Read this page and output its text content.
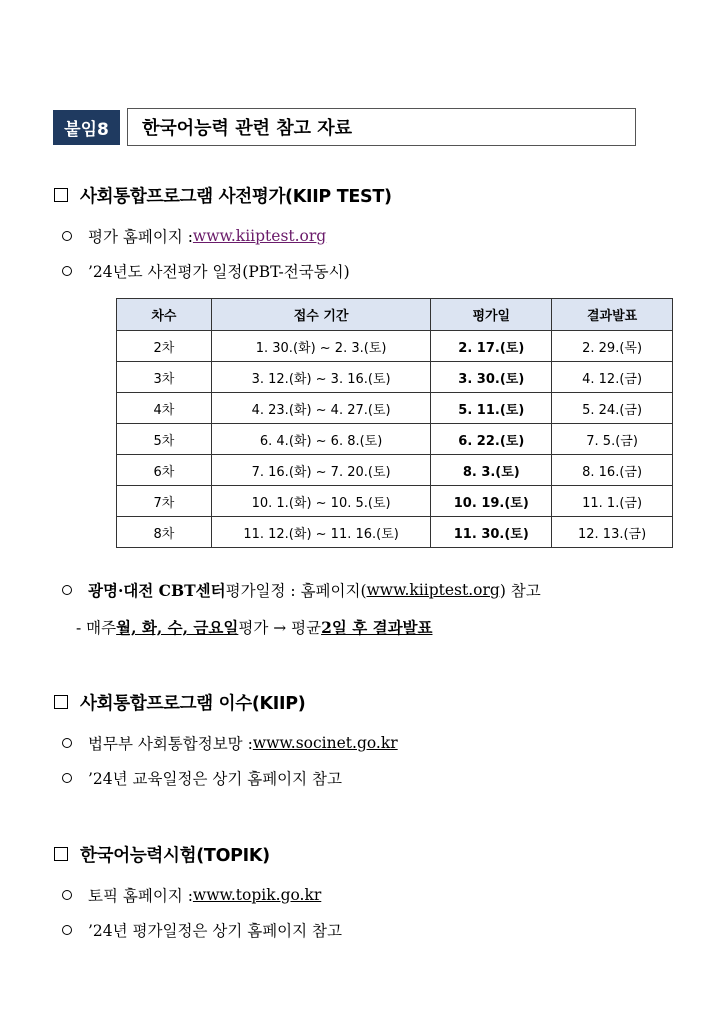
붙임8	한국어능력 관련 참고 자료
사회통합프로그램 사전평가(KIIP TEST)
평가 홈페이지 : www.kiiptest.org
’24년도 사전평가 일정(PBT-전국동시)
차수	접수 기간	평가일	결과발표
2차	1. 30.(화) ~ 2. 3.(토)	2. 17.(토)	2. 29.(목)
3차	3. 12.(화) ~ 3. 16.(토)	3. 30.(토)	4. 12.(금)
4차	4. 23.(화) ~ 4. 27.(토)	5. 11.(토)	5. 24.(금)
5차	6. 4.(화) ~ 6. 8.(토)	6. 22.(토)	7. 5.(금)
6차	7. 16.(화) ~ 7. 20.(토)	8. 3.(토)	8. 16.(금)
7차	10. 1.(화) ~ 10. 5.(토)	10. 19.(토)	11. 1.(금)
8차	11. 12.(화) ~ 11. 16.(토)	11. 30.(토)	12. 13.(금)
광명·대전 CBT센터 평가일정 : 홈페이지( www.kiiptest.org ) 참고
- 매주 월, 화, 수, 금요일 평가 → 평균 2일 후 결과발표
사회통합프로그램 이수(KIIP)
법무부 사회통합정보망 : www.socinet.go.kr
’24년 교육일정은 상기 홈페이지 참고
한국어능력시험(TOPIK)
토픽 홈페이지 : www.topik.go.kr
’24년 평가일정은 상기 홈페이지 참고
